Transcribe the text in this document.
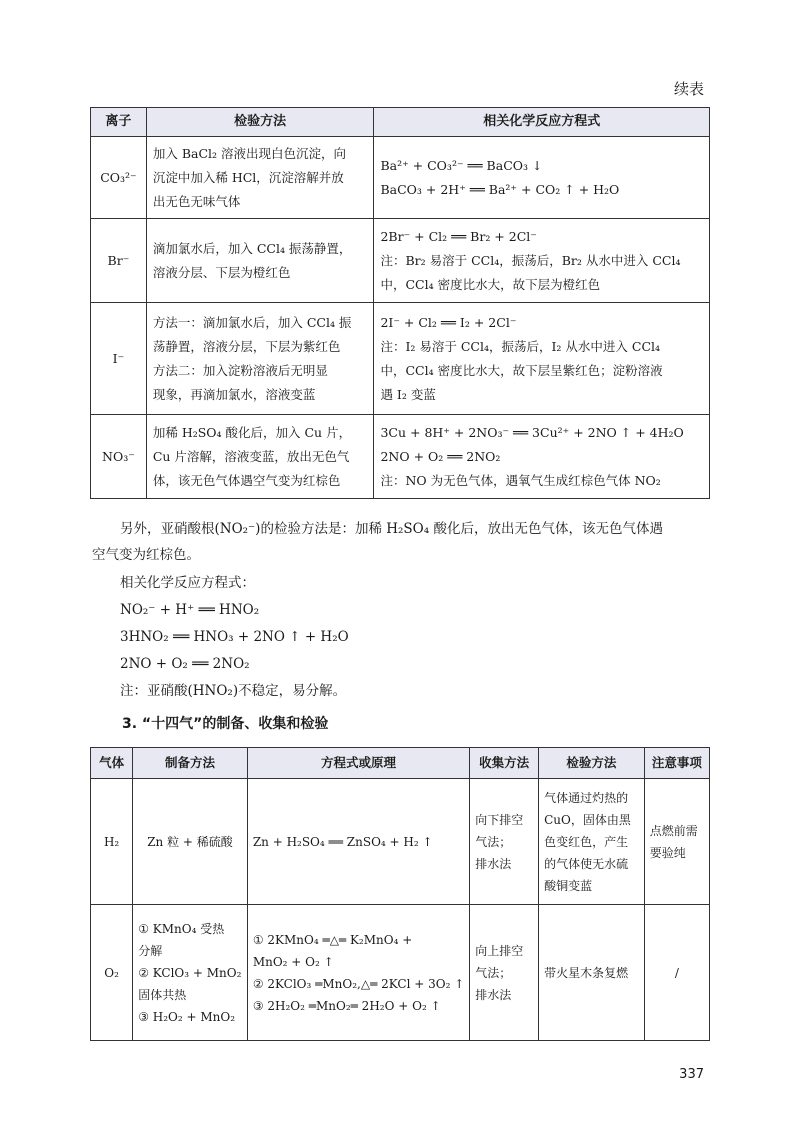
续表
离子	检验方法	相关化学反应方程式
CO₃²⁻	加入 BaCl₂ 溶液出现白色沉淀，向
沉淀中加入稀 HCl，沉淀溶解并放
出无色无味气体	Ba²⁺ + CO₃²⁻ ══ BaCO₃ ↓
BaCO₃ + 2H⁺ ══ Ba²⁺ + CO₂ ↑ + H₂O

Br⁻	滴加氯水后，加入 CCl₄ 振荡静置，
溶液分层、下层为橙红色	2Br⁻ + Cl₂ ══ Br₂ + 2Cl⁻
注：Br₂ 易溶于 CCl₄，振荡后，Br₂ 从水中进入 CCl₄
中，CCl₄ 密度比水大，故下层为橙红色

I⁻	方法一：滴加氯水后，加入 CCl₄ 振
荡静置，溶液分层，下层为紫红色
方法二：加入淀粉溶液后无明显
现象，再滴加氯水，溶液变蓝	2I⁻ + Cl₂ ══ I₂ + 2Cl⁻
注：I₂ 易溶于 CCl₄，振荡后，I₂ 从水中进入 CCl₄
中，CCl₄ 密度比水大，故下层呈紫红色；淀粉溶液
遇 I₂ 变蓝

NO₃⁻	加稀 H₂SO₄ 酸化后，加入 Cu 片，
Cu 片溶解，溶液变蓝，放出无色气
体，该无色气体遇空气变为红棕色	3Cu + 8H⁺ + 2NO₃⁻ ══ 3Cu²⁺ + 2NO ↑ + 4H₂O
2NO + O₂ ══ 2NO₂
注：NO 为无色气体，遇氧气生成红棕色气体 NO₂
另外，亚硝酸根(NO₂⁻)的检验方法是：加稀 H₂SO₄ 酸化后，放出无色气体，该无色气体遇
空气变为红棕色。
相关化学反应方程式：
NO₂⁻ + H⁺ ══ HNO₂
3HNO₂ ══ HNO₃ + 2NO ↑ + H₂O
2NO + O₂ ══ 2NO₂
注：亚硝酸(HNO₂)不稳定，易分解。
3. “十四气”的制备、收集和检验
气体	制备方法	方程式或原理	收集方法	检验方法	注意事项
H₂	Zn 粒 + 稀硫酸	Zn + H₂SO₄ ══ ZnSO₄ + H₂ ↑	向下排空
气法；
排水法	气体通过灼热的
CuO，固体由黑
色变红色，产生
的气体使无水硫
酸铜变蓝	点燃前需
要验纯

O₂	① KMnO₄ 受热
分解
② KClO₃ + MnO₂
固体共热
③ H₂O₂ + MnO₂	① 2KMnO₄ ═△═ K₂MnO₄ +
MnO₂ + O₂ ↑
② 2KClO₃ ═MnO₂,△═ 2KCl + 3O₂ ↑
③ 2H₂O₂ ═MnO₂═ 2H₂O + O₂ ↑	向上排空
气法；
排水法	带火星木条复燃	/
337
